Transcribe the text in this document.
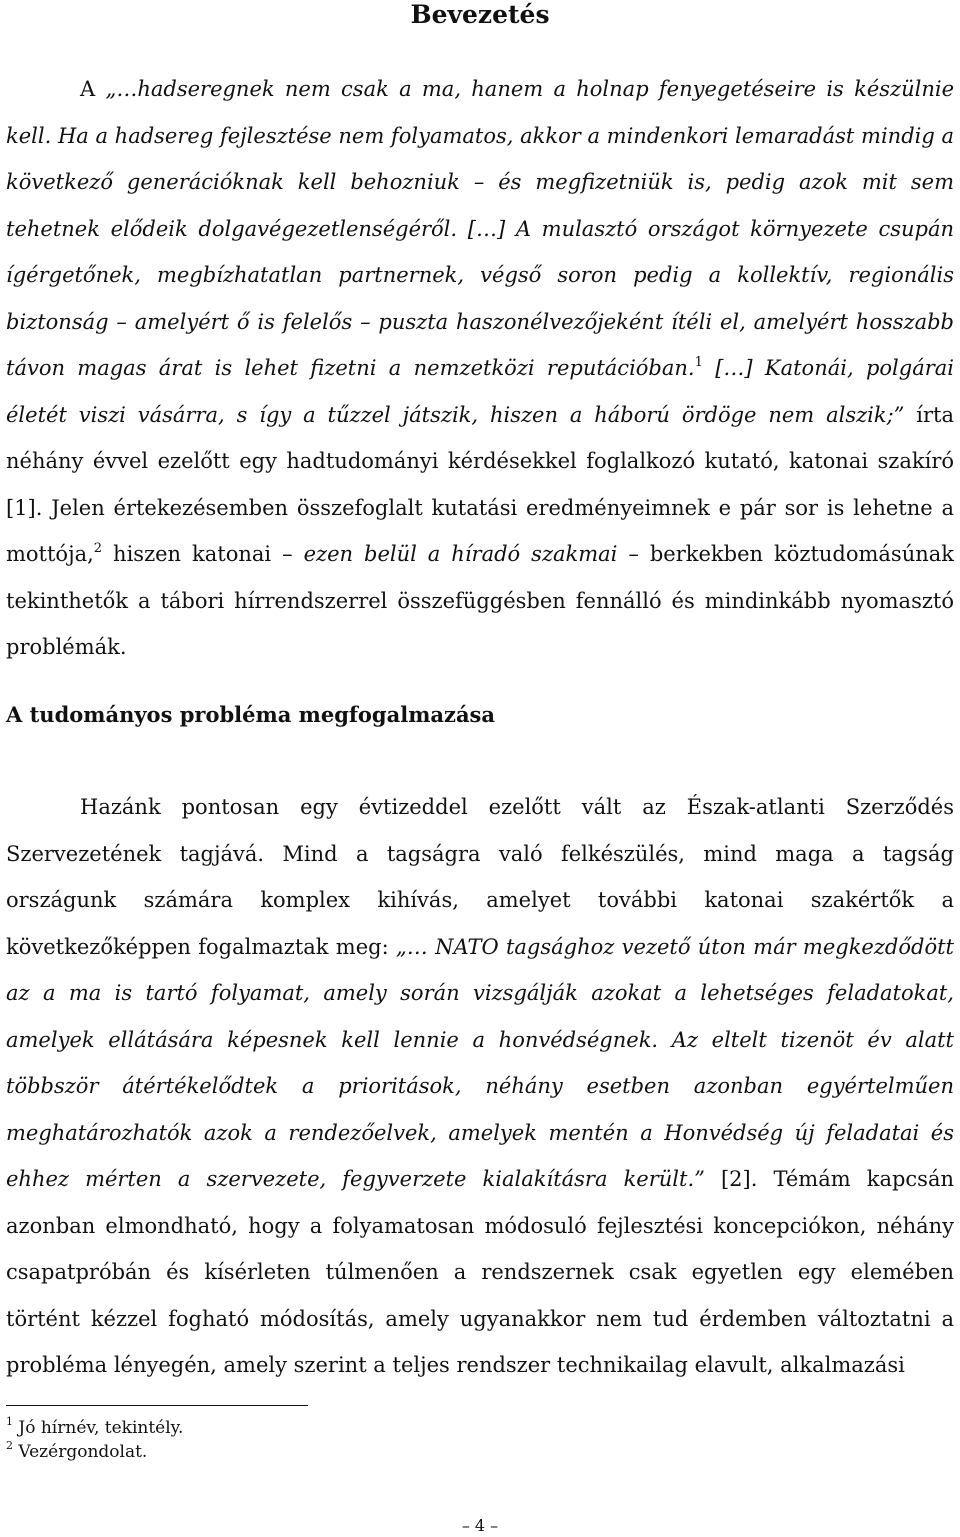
Bevezetés

A „…hadseregnek nem csak a ma, hanem a holnap fenyegetéseire is készülnie kell. Ha a hadsereg fejlesztése nem folyamatos, akkor a mindenkori lemaradást mindig a következő generációknak kell behozniuk – és megfizetniük is, pedig azok mit sem tehetnek elődeik dolgavégezetlenségéről. […] A mulasztó országot környezete csupán ígérgetőnek, megbízhatatlan partnernek, végső soron pedig a kollektív, regionális biztonság – amelyért ő is felelős – puszta haszonélvezőjeként ítéli el, amelyért hosszabb távon magas árat is lehet fizetni a nemzetközi reputációban.$^1$ […] Katonái, polgárai életét viszi vásárra, s így a tűzzel játszik, hiszen a háború ördöge nem alszik;” írta néhány évvel ezelőtt egy hadtudományi kérdésekkel foglalkozó kutató, katonai szakíró [1]. Jelen értekezésemben összefoglalt kutatási eredményeimnek e pár sor is lehetne a mottója,$^2$ hiszen katonai – ezen belül a híradó szakmai – berkekben köztudomásúnak tekinthetők a tábori hírrendszerrel összefüggésben fennálló és mindinkább nyomasztó problémák.

A tudományos probléma megfogalmazása

Hazánk pontosan egy évtizeddel ezelőtt vált az Észak-atlanti Szerződés Szervezetének tagjává. Mind a tagságra való felkészülés, mind maga a tagság országunk számára komplex kihívás, amelyet további katonai szakértők a következőképpen fogalmaztak meg: „… NATO tagsághoz vezető úton már megkezdődött az a ma is tartó folyamat, amely során vizsgálják azokat a lehetséges feladatokat, amelyek ellátására képesnek kell lennie a honvédségnek. Az eltelt tizenöt év alatt többször átértékelődtek a prioritások, néhány esetben azonban egyértelműen meghatározhatók azok a rendezőelvek, amelyek mentén a Honvédség új feladatai és ehhez mérten a szervezete, fegyverzete kialakításra került.” [2]. Témám kapcsán azonban elmondható, hogy a folyamatosan módosuló fejlesztési koncepciókon, néhány csapatpróbán és kísérleten túlmenően a rendszernek csak egyetlen egy elemében történt kézzel fogható módosítás, amely ugyanakkor nem tud érdemben változtatni a probléma lényegén, amely szerint a teljes rendszer technikailag elavult, alkalmazási

$^1$ Jó hírnév, tekintély.
$^2$ Vezérgondolat.
– 4 –
